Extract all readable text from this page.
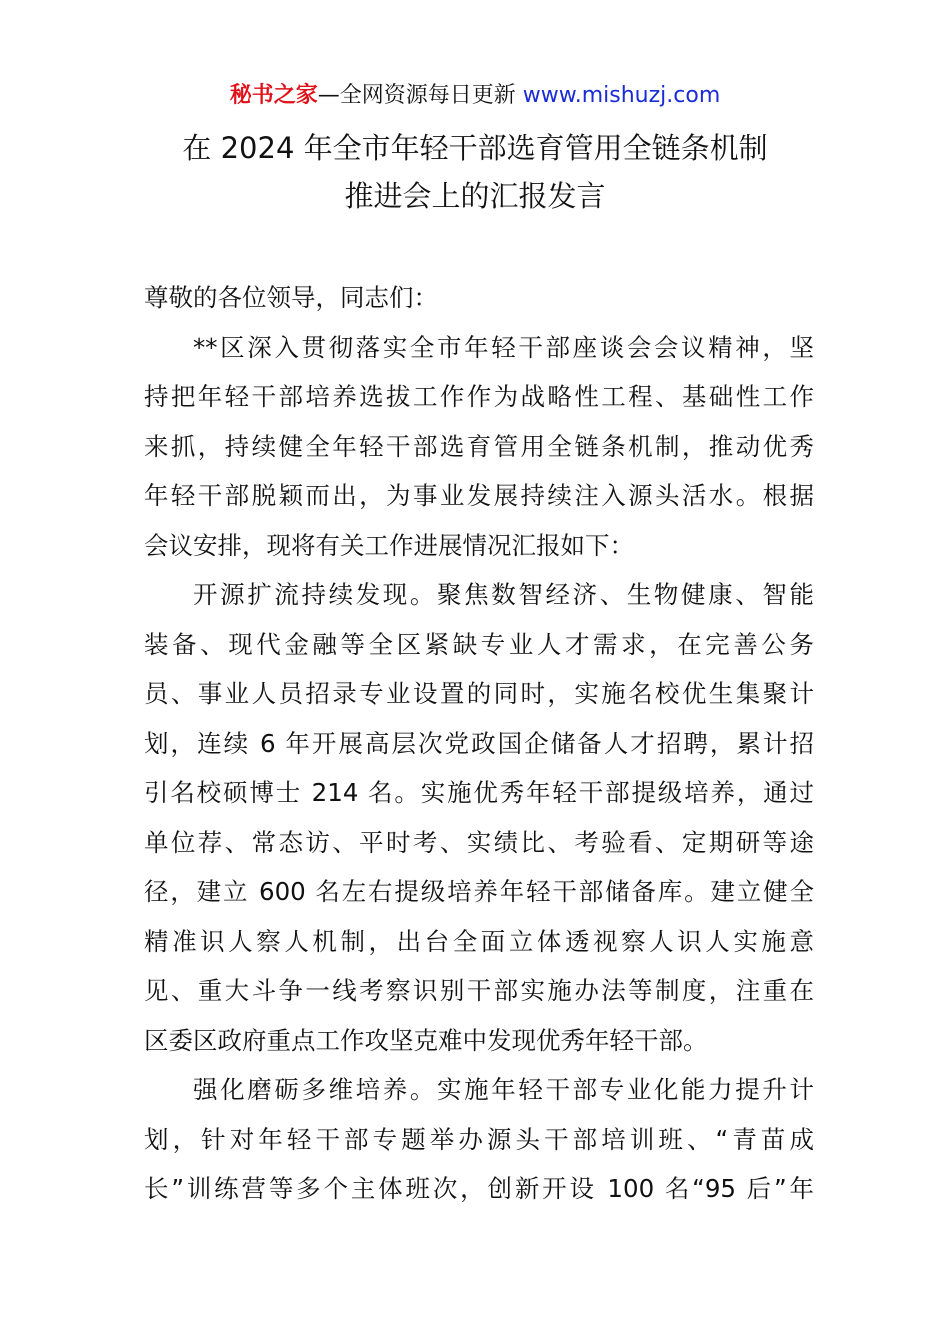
秘书之家—全网资源每日更新 www.mishuzj.com
在 2024 年全市年轻干部选育管用全链条机制
推进会上的汇报发言
尊敬的各位领导，同志们：
**区深入贯彻落实全市年轻干部座谈会会议精神，坚
持把年轻干部培养选拔工作作为战略性工程、基础性工作
来抓，持续健全年轻干部选育管用全链条机制，推动优秀
年轻干部脱颖而出，为事业发展持续注入源头活水。根据
会议安排，现将有关工作进展情况汇报如下：
开源扩流持续发现。聚焦数智经济、生物健康、智能
装备、现代金融等全区紧缺专业人才需求，在完善公务
员、事业人员招录专业设置的同时，实施名校优生集聚计
划，连续 6 年开展高层次党政国企储备人才招聘，累计招
引名校硕博士 214 名。实施优秀年轻干部提级培养，通过
单位荐、常态访、平时考、实绩比、考验看、定期研等途
径，建立 600 名左右提级培养年轻干部储备库。建立健全
精准识人察人机制，出台全面立体透视察人识人实施意
见、重大斗争一线考察识别干部实施办法等制度，注重在
区委区政府重点工作攻坚克难中发现优秀年轻干部。
强化磨砺多维培养。实施年轻干部专业化能力提升计
划，针对年轻干部专题举办源头干部培训班、“青苗成
长”训练营等多个主体班次，创新开设 100 名“95 后”年
